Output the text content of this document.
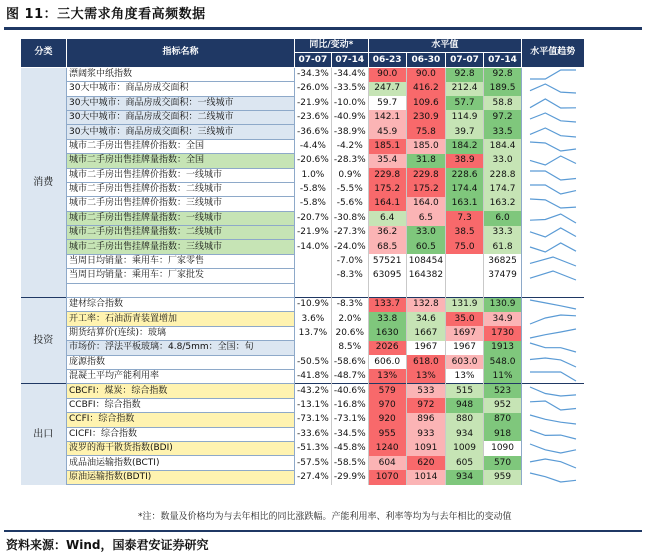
图 11：三大需求角度看高频数据
分类	指标名称	同比/变动*		水平值				水平值趋势
		07-07	07-14	06-23	06-30	07-07	07-14	
消费	漂阔浆中纸指数	-34.3%	-34.4%	90.0	90.0	92.8	92.8	

	30大中城市：商品房成交面积	-26.0%	-33.5%	247.7	416.2	212.4	189.5	

	30大中城市：商品房成交面积：一线城市	-21.9%	-10.0%	59.7	109.6	57.7	58.8	

	30大中城市：商品房成交面积：二线城市	-23.6%	-40.9%	142.1	230.9	114.9	97.2	

	30大中城市：商品房成交面积：三线城市	-36.6%	-38.9%	45.9	75.8	39.7	33.5	

	城市二手房出售挂牌价指数：全国	-4.4%	-4.2%	185.1	185.0	184.2	184.4	

	城市二手房出售挂牌量指数：全国	-20.6%	-28.3%	35.4	31.8	38.9	33.0	

	城市二手房出售挂牌价指数：一线城市	1.0%	0.9%	229.8	229.8	228.6	228.8	

	城市二手房出售挂牌价指数：二线城市	-5.8%	-5.5%	175.2	175.2	174.4	174.7	

	城市二手房出售挂牌价指数：三线城市	-5.8%	-5.6%	164.1	164.0	163.1	163.2	

	城市二手房出售挂牌量指数：一线城市	-20.7%	-30.8%	6.4	6.5	7.3	6.0	

	城市二手房出售挂牌量指数：二线城市	-21.9%	-27.3%	36.2	33.0	38.5	33.3	

	城市二手房出售挂牌量指数：三线城市	-14.0%	-24.0%	68.5	60.5	75.0	61.8	

	当周日均销量：乘用车：厂家零售		-7.0%	57521	108454		36825	

	当周日均销量：乘用车：厂家批发		-8.3%	63095	164382		37479	

投资	建材综合指数	-10.9%	-8.3%	133.7	132.8	131.9	130.9	

	开工率：石油沥青装置增加	3.6%	2.0%	33.8	34.6	35.0	34.9	

	期货结算价(连续)：玻璃	13.7%	20.6%	1630	1667	1697	1730	

	市场价：浮法平板玻璃：4.8/5mm：全国：旬		8.5%	2026	1967	1967	1913	

	庞源指数	-50.5%	-58.6%	606.0	618.0	603.0	548.0	

	混凝土平均产能利用率	-41.8%	-48.7%	13%	13%	13%	11%	

出口	CBCFI：煤炭：综合指数	-43.2%	-40.6%	579	533	515	523	

	CCBFI：综合指数	-13.1%	-16.8%	970	972	948	952	

	CCFI：综合指数	-73.1%	-73.1%	920	896	880	870	

	CICFI：综合指数	-33.6%	-34.5%	955	933	934	918	

	波罗的海干散货指数(BDI)	-51.3%	-45.8%	1240	1091	1009	1090	

	成品油运输指数(BCTI)	-57.5%	-58.5%	604	620	605	570	

	原油运输指数(BDTI)	-27.4%	-29.9%	1070	1014	934	959	
*注：数量及价格均为与去年相比的同比涨跌幅。产能利用率、利率等均为与去年相比的变动值
资料来源：Wind，国泰君安证券研究
